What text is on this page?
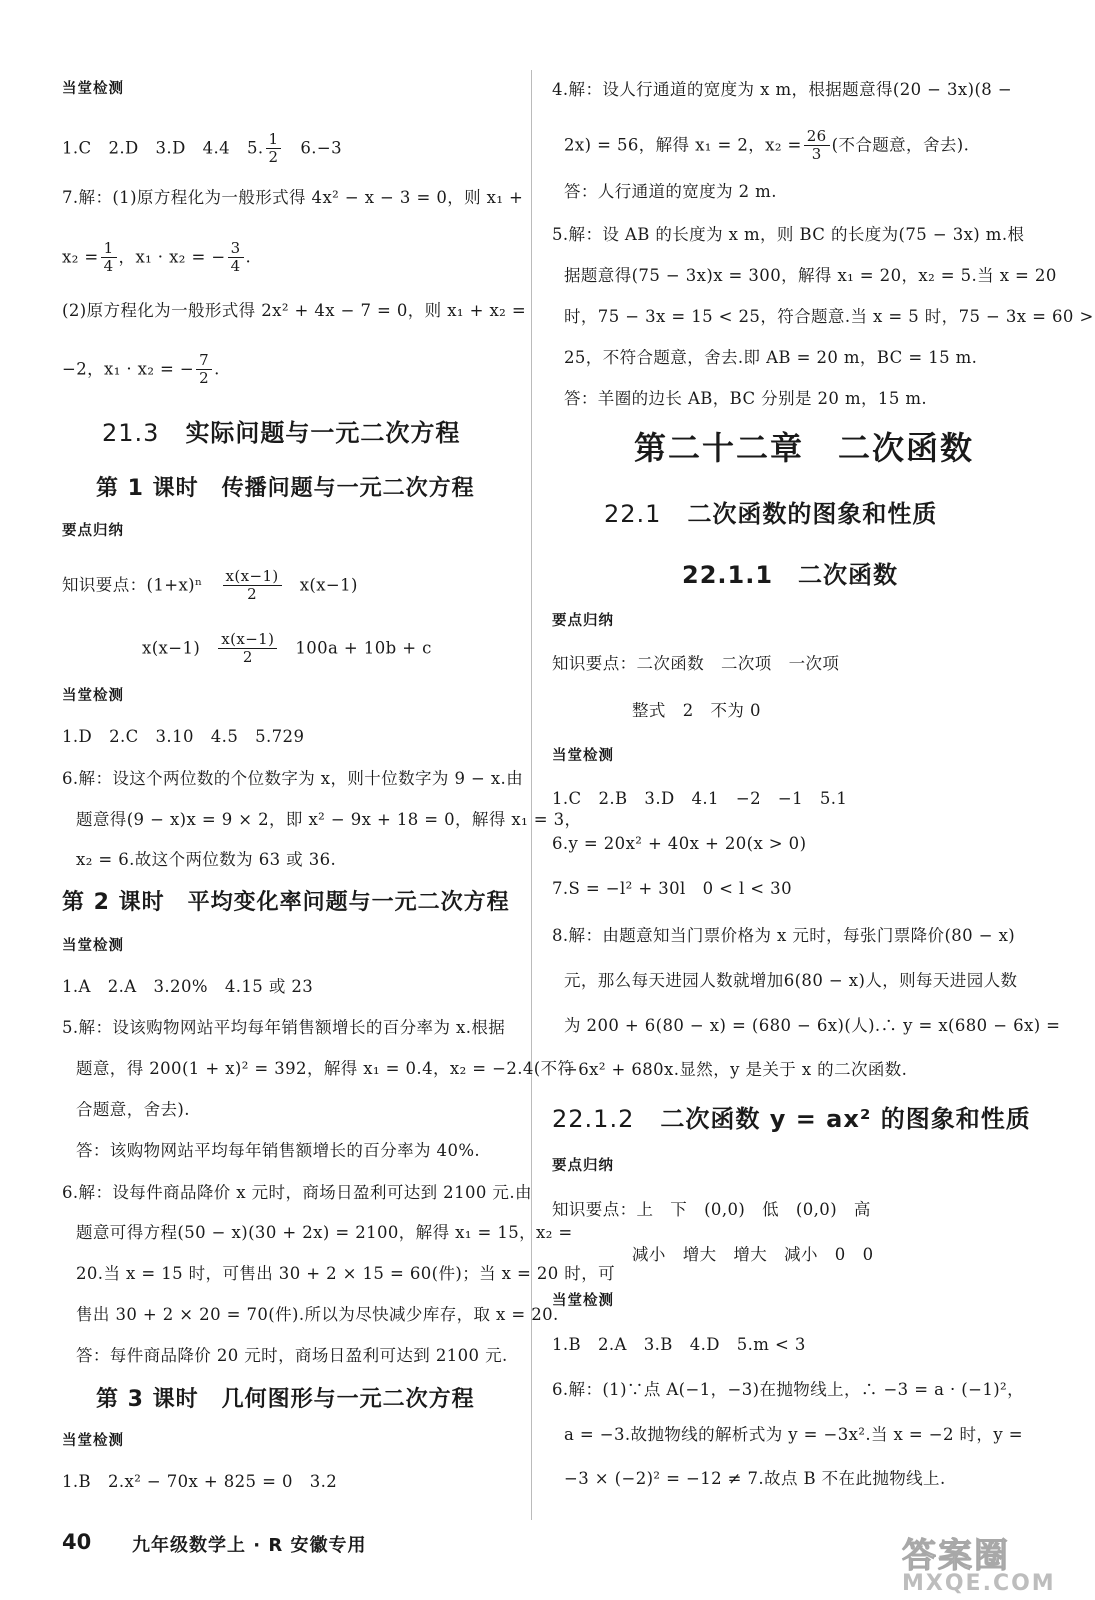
当堂检测
1.C　2.D　3.D　4.4　5. $\frac{1}{2}$ 　6.−3
7.解：(1)原方程化为一般形式得 4x² − x − 3 = 0，则 x₁ +
$x_2 = \frac{1}{4}$ ，x₁ · x₂ = − $\frac{3}{4}$ .
(2)原方程化为一般形式得 2x² + 4x − 7 = 0，则 x₁ + x₂ =
−2，x₁ · x₂ = − $\frac{7}{2}$ .
21.3 实际问题与一元二次方程
第 1 课时　传播问题与一元二次方程
要点归纳
知识要点：$(1+x)^n \frac{x(x-1)}{2} x(x-1)$
$x(x-1) \frac{x(x-1)}{2} 100a + 10b + c$
当堂检测
1.D　2.C　3.10　4.5　5.729
6.解：设这个两位数的个位数字为 x，则十位数字为 9 − x.由
题意得(9 − x)x = 9 × 2，即 x² − 9x + 18 = 0，解得 x₁ = 3，
x₂ = 6.故这个两位数为 63 或 36.
第 2 课时　平均变化率问题与一元二次方程
当堂检测
1.A　2.A　3.20%　4.15 或 23
5.解：设该购物网站平均每年销售额增长的百分率为 x.根据
题意，得 200(1 + x)² = 392，解得 x₁ = 0.4，x₂ = −2.4(不符
合题意，舍去).
答：该购物网站平均每年销售额增长的百分率为 40%.
6.解：设每件商品降价 x 元时，商场日盈利可达到 2100 元.由
题意可得方程(50 − x)(30 + 2x) = 2100，解得 x₁ = 15，x₂ =
20.当 x = 15 时，可售出 30 + 2 × 15 = 60(件)；当 x = 20 时，可
售出 30 + 2 × 20 = 70(件).所以为尽快减少库存，取 x = 20.
答：每件商品降价 20 元时，商场日盈利可达到 2100 元.
第 3 课时　几何图形与一元二次方程
当堂检测
1.B　2.x² − 70x + 825 = 0　3.2
4.解：设人行通道的宽度为 x m，根据题意得(20 − 3x)(8 −
2x) = 56，解得 x₁ = 2，$x_2 = \frac{26}{3}$ (不合题意，舍去).
答：人行通道的宽度为 2 m.
5.解：设 AB 的长度为 x m，则 BC 的长度为(75 − 3x) m.根
据题意得(75 − 3x)x = 300，解得 x₁ = 20，x₂ = 5.当 x = 20
时，75 − 3x = 15 < 25，符合题意.当 x = 5 时，75 − 3x = 60 >
25，不符合题意，舍去.即 AB = 20 m，BC = 15 m.
答：羊圈的边长 AB，BC 分别是 20 m，15 m.
第二十二章　二次函数
22.1 二次函数的图象和性质
22.1.1　二次函数
要点归纳
知识要点：二次函数　二次项　一次项
整式　2　不为 0
当堂检测
1.C　2.B　3.D　4.1　−2　−1　5.1
6.y = 20x² + 40x + 20(x > 0)
7.S = −l² + 30l　0 < l < 30
8.解：由题意知当门票价格为 x 元时，每张门票降价(80 − x)
元，那么每天进园人数就增加6(80 − x)人，则每天进园人数
为 200 + 6(80 − x) = (680 − 6x)(人).∴ y = x(680 − 6x) =
−6x² + 680x.显然，y 是关于 x 的二次函数.
22.1.2 二次函数 y = ax² 的图象和性质
要点归纳
知识要点：上　下　(0,0)　低　(0,0)　高
减小　增大　增大　减小　0　0
当堂检测
1.B　2.A　3.B　4.D　5.m < 3
6.解：(1)∵点 A(−1，−3)在抛物线上，∴ −3 = a · (−1)²，
a = −3.故抛物线的解析式为 y = −3x².当 x = −2 时，y =
−3 × (−2)² = −12 ≠ 7.故点 B 不在此抛物线上.
40 九年级数学上 · R 安徽专用	答案圈
MXQE.COM
